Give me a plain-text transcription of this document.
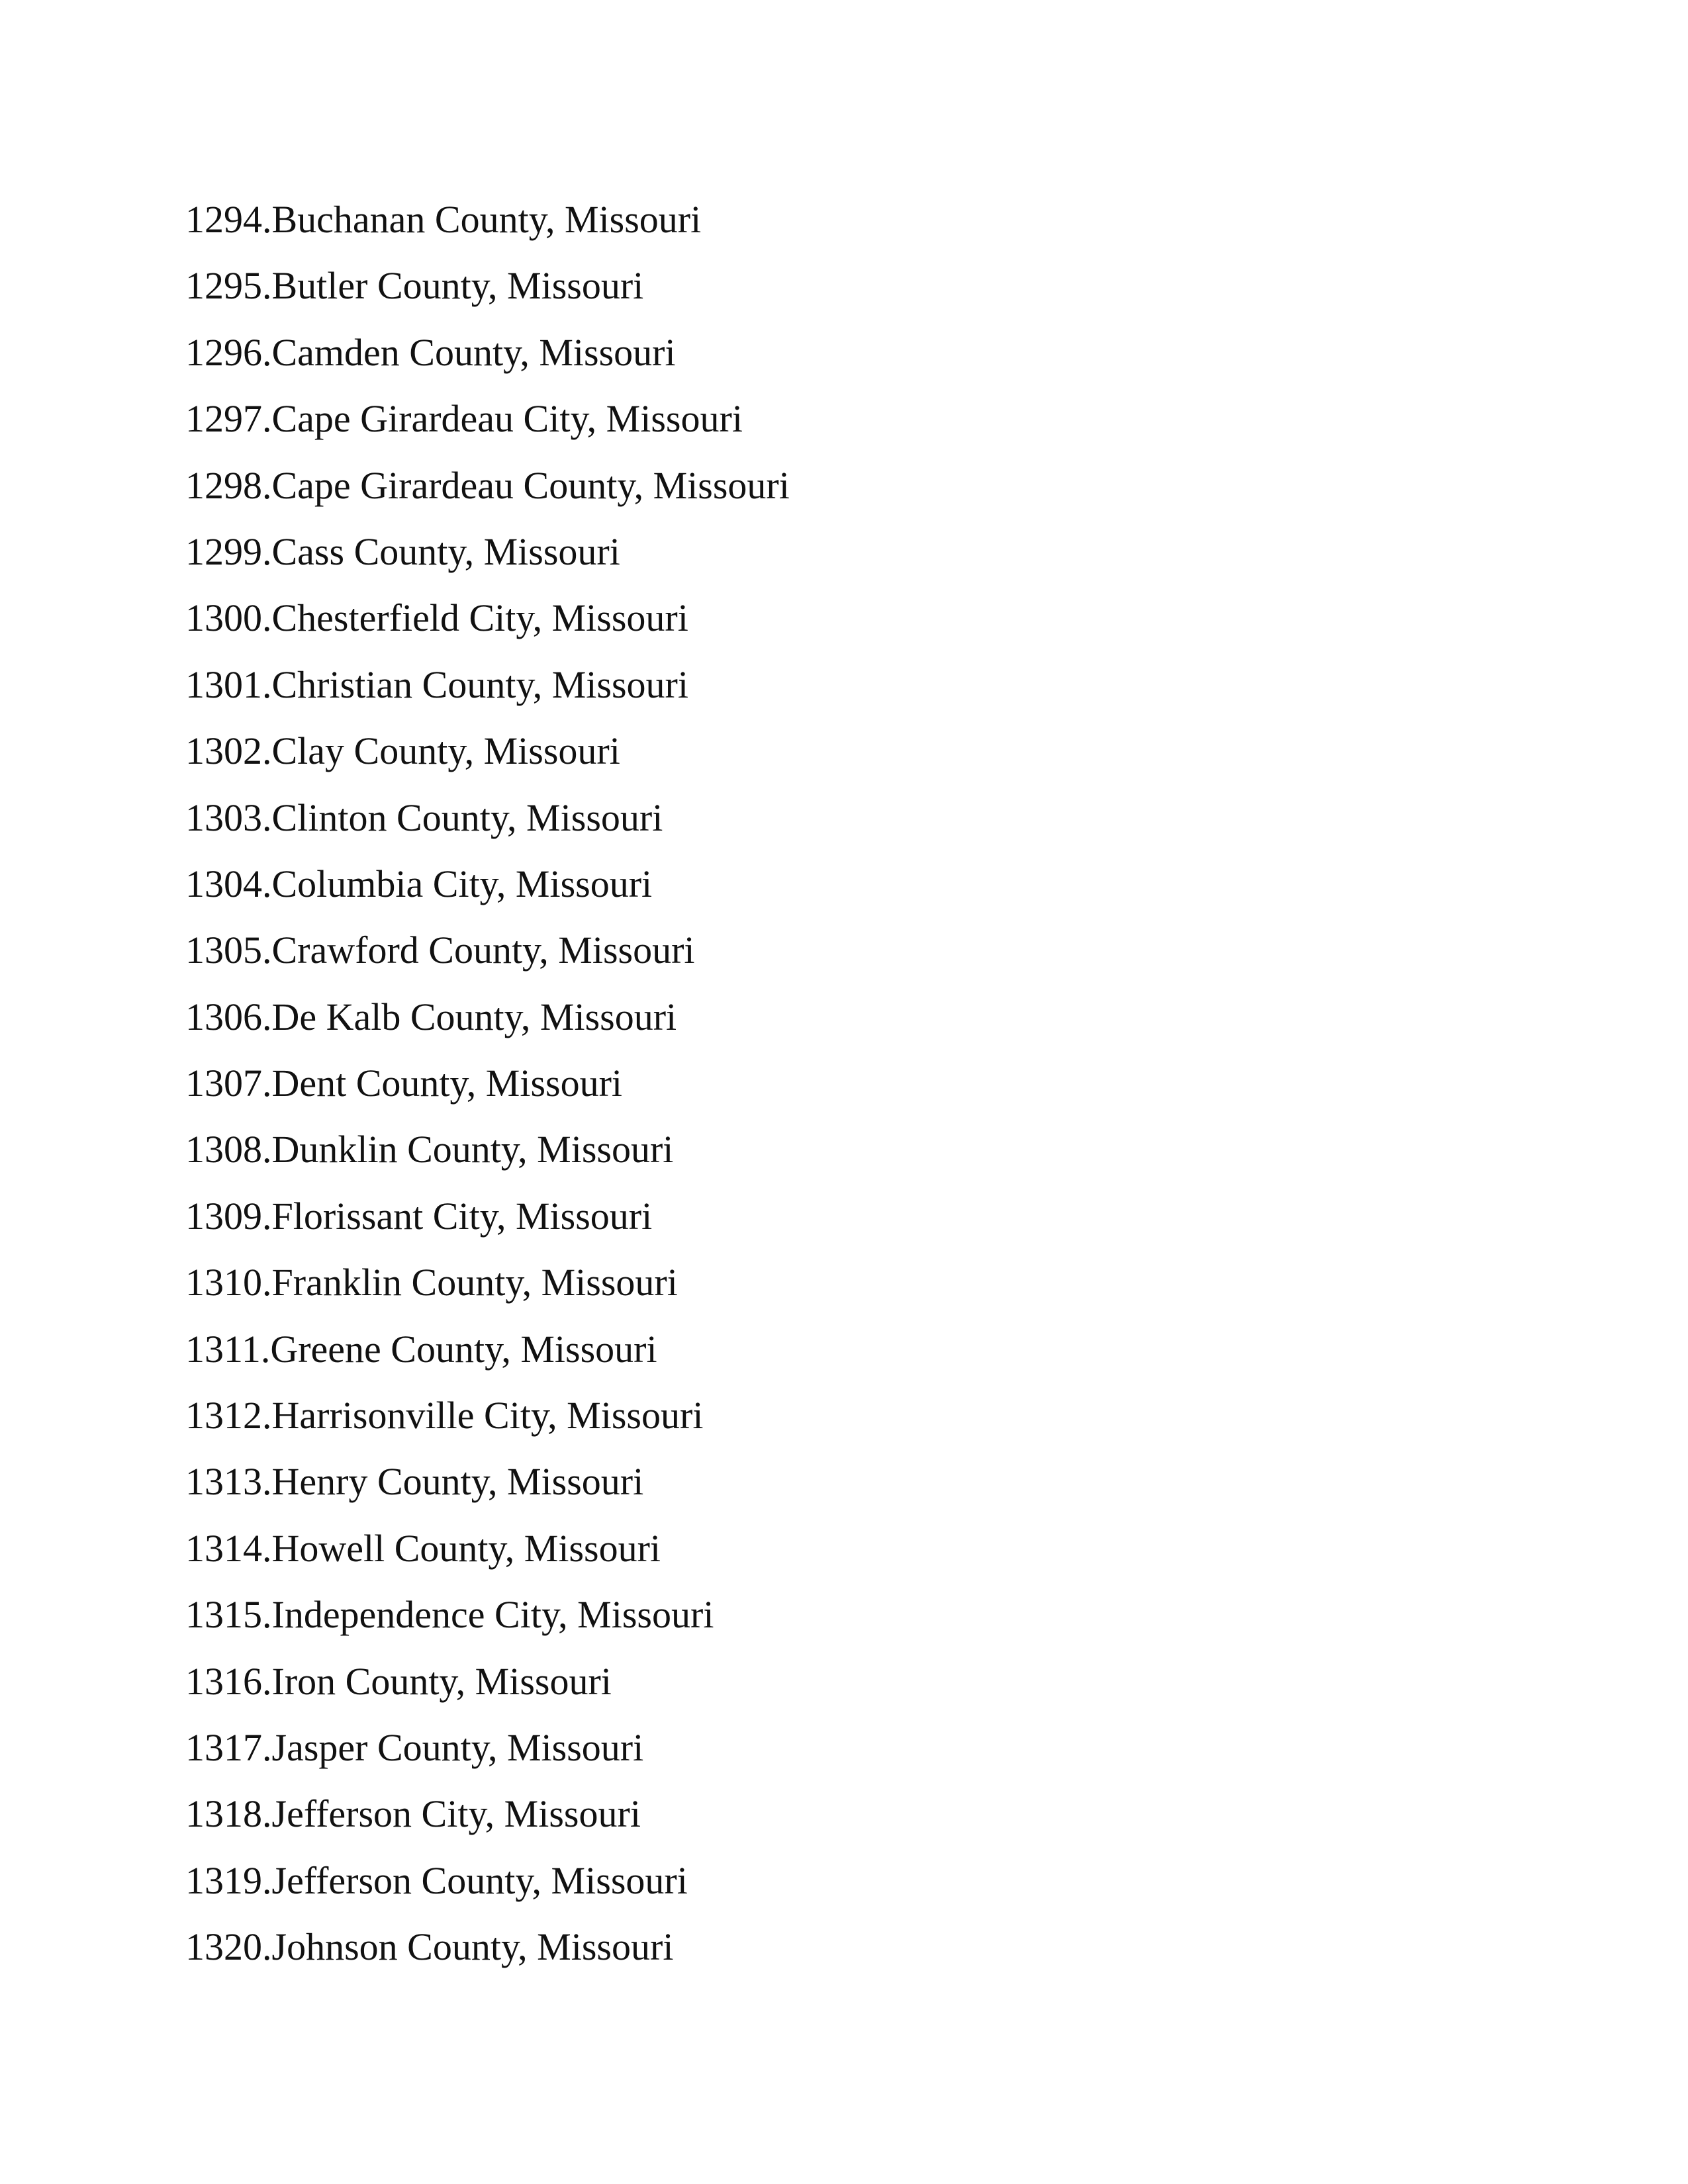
1294.Buchanan County, Missouri
1295.Butler County, Missouri
1296.Camden County, Missouri
1297.Cape Girardeau City, Missouri
1298.Cape Girardeau County, Missouri
1299.Cass County, Missouri
1300.Chesterfield City, Missouri
1301.Christian County, Missouri
1302.Clay County, Missouri
1303.Clinton County, Missouri
1304.Columbia City, Missouri
1305.Crawford County, Missouri
1306.De Kalb County, Missouri
1307.Dent County, Missouri
1308.Dunklin County, Missouri
1309.Florissant City, Missouri
1310.Franklin County, Missouri
1311.Greene County, Missouri
1312.Harrisonville City, Missouri
1313.Henry County, Missouri
1314.Howell County, Missouri
1315.Independence City, Missouri
1316.Iron County, Missouri
1317.Jasper County, Missouri
1318.Jefferson City, Missouri
1319.Jefferson County, Missouri
1320.Johnson County, Missouri
